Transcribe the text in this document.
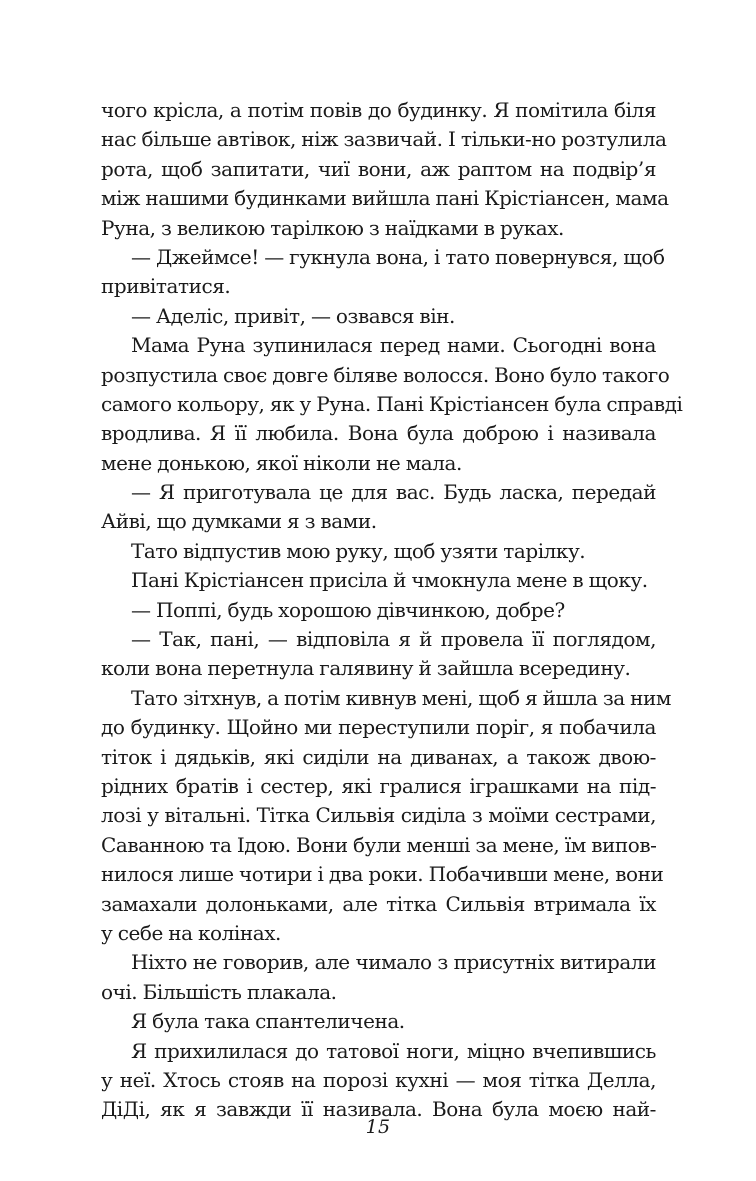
чого крісла, а потім повів до будинку. Я помітила біля
нас більше автівок, ніж зазвичай. І тільки-но розтулила
рота, щоб запитати, чиї вони, аж раптом на подвір’я
між нашими будинками вийшла пані Крістіансен, мама
Руна, з великою тарілкою з наїдками в руках.
— Джеймсе! — гукнула вона, і тато повернувся, щоб
привітатися.
— Аделіс, привіт, — озвався він.
Мама Руна зупинилася перед нами. Сьогодні вона
розпустила своє довге біляве волосся. Воно було такого
самого кольору, як у Руна. Пані Крістіансен була справді
вродлива. Я її любила. Вона була доброю і називала
мене донькою, якої ніколи не мала.
— Я приготувала це для вас. Будь ласка, передай
Айві, що думками я з вами.
Тато відпустив мою руку, щоб узяти тарілку.
Пані Крістіансен присіла й чмокнула мене в щоку.
— Поппі, будь хорошою дівчинкою, добре?
— Так, пані, — відповіла я й провела її поглядом,
коли вона перетнула галявину й зайшла всередину.
Тато зітхнув, а потім кивнув мені, щоб я йшла за ним
до будинку. Щойно ми переступили поріг, я побачила
тіток і дядьків, які сиділи на диванах, а також двою-
рідних братів і сестер, які гралися іграшками на під-
лозі у вітальні. Тітка Сильвія сиділа з моїми сестрами,
Саванною та Ідою. Вони були менші за мене, їм випов-
нилося лише чотири і два роки. Побачивши мене, вони
замахали долоньками, але тітка Сильвія втримала їх
у себе на колінах.
Ніхто не говорив, але чимало з присутніх витирали
очі. Більшість плакала.
Я була така спантеличена.
Я прихилилася до татової ноги, міцно вчепившись
у неї. Хтось стояв на порозі кухні — моя тітка Делла,
ДіДі, як я завжди її називала. Вона була моєю най-
15
